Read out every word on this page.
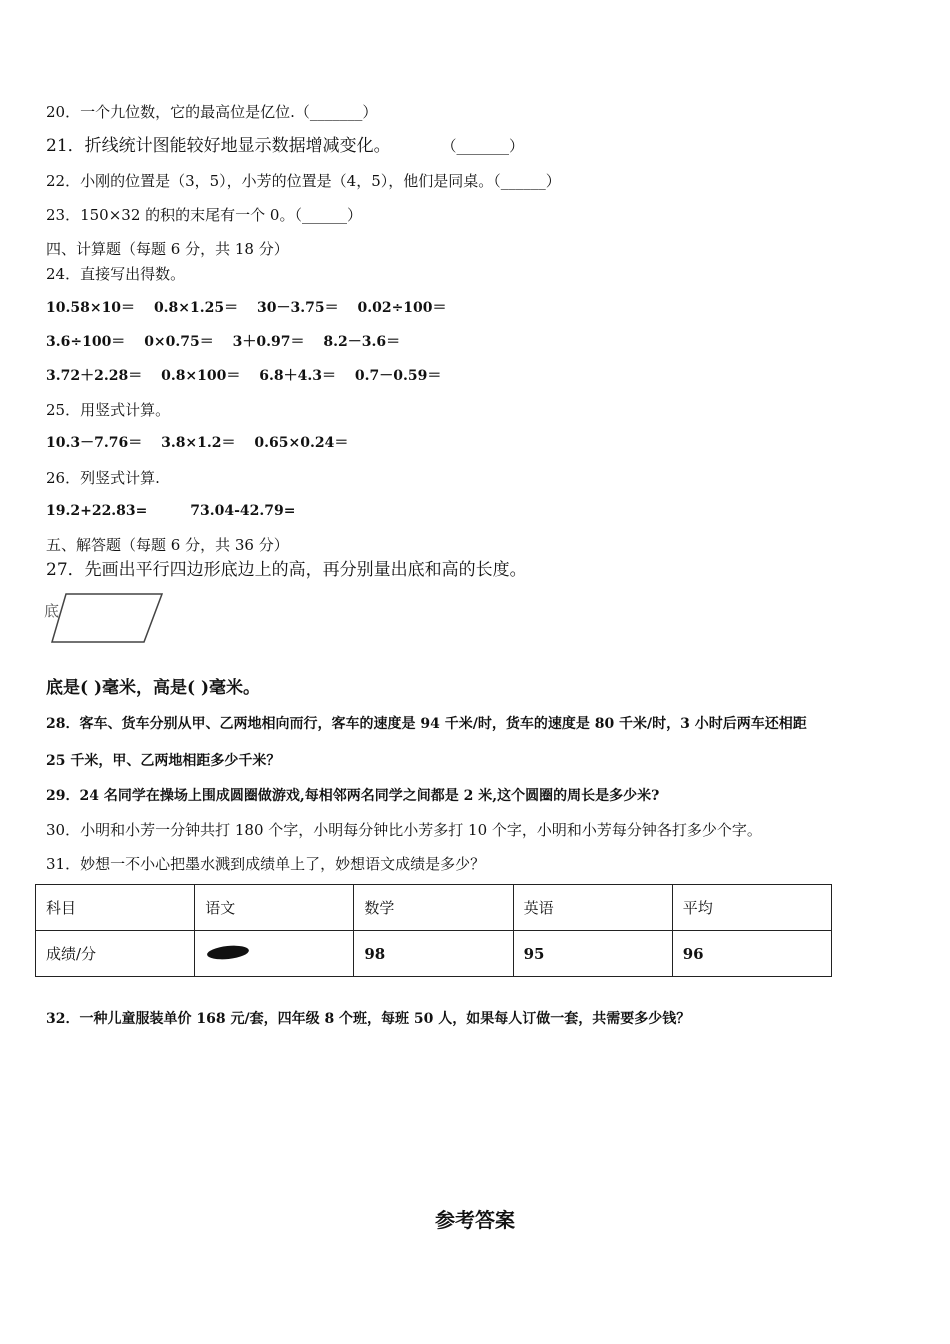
20．一个九位数，它的最高位是亿位.（_______）
21．折线统计图能较好地显示数据增减变化。	（_______）
22．小刚的位置是（3，5），小芳的位置是（4，5），他们是同桌。（______）
23．150×32 的积的末尾有一个 0。（______）
四、计算题（每题 6 分，共 18 分）
24．直接写出得数。
10.58×10＝ 0.8×1.25＝ 30－3.75＝ 0.02÷100＝
3.6÷100＝ 0×0.75＝ 3＋0.97＝ 8.2－3.6＝
3.72＋2.28＝ 0.8×100＝ 6.8＋4.3＝ 0.7－0.59＝
25．用竖式计算。
10.3－7.76＝ 3.8×1.2＝ 0.65×0.24＝
26．列竖式计算.
19.2+22.83=	73.04-42.79=
五、解答题（每题 6 分，共 36 分）
27．先画出平行四边形底边上的高，再分别量出底和高的长度。
底
底是( )毫米，高是( )毫米。
28．客车、货车分别从甲、乙两地相向而行，客车的速度是 94 千米/时，货车的速度是 80 千米/时，3 小时后两车还相距
25 千米，甲、乙两地相距多少千米？
29．24 名同学在操场上围成圆圈做游戏,每相邻两名同学之间都是 2 米,这个圆圈的周长是多少米?
30．小明和小芳一分钟共打 180 个字，小明每分钟比小芳多打 10 个字，小明和小芳每分钟各打多少个字。
31．妙想一不小心把墨水溅到成绩单上了，妙想语文成绩是多少？
科目	语文	数学	英语	平均
成绩/分		98	95	96
32．一种儿童服装单价 168 元/套，四年级 8 个班，每班 50 人，如果每人订做一套，共需要多少钱？
参考答案
